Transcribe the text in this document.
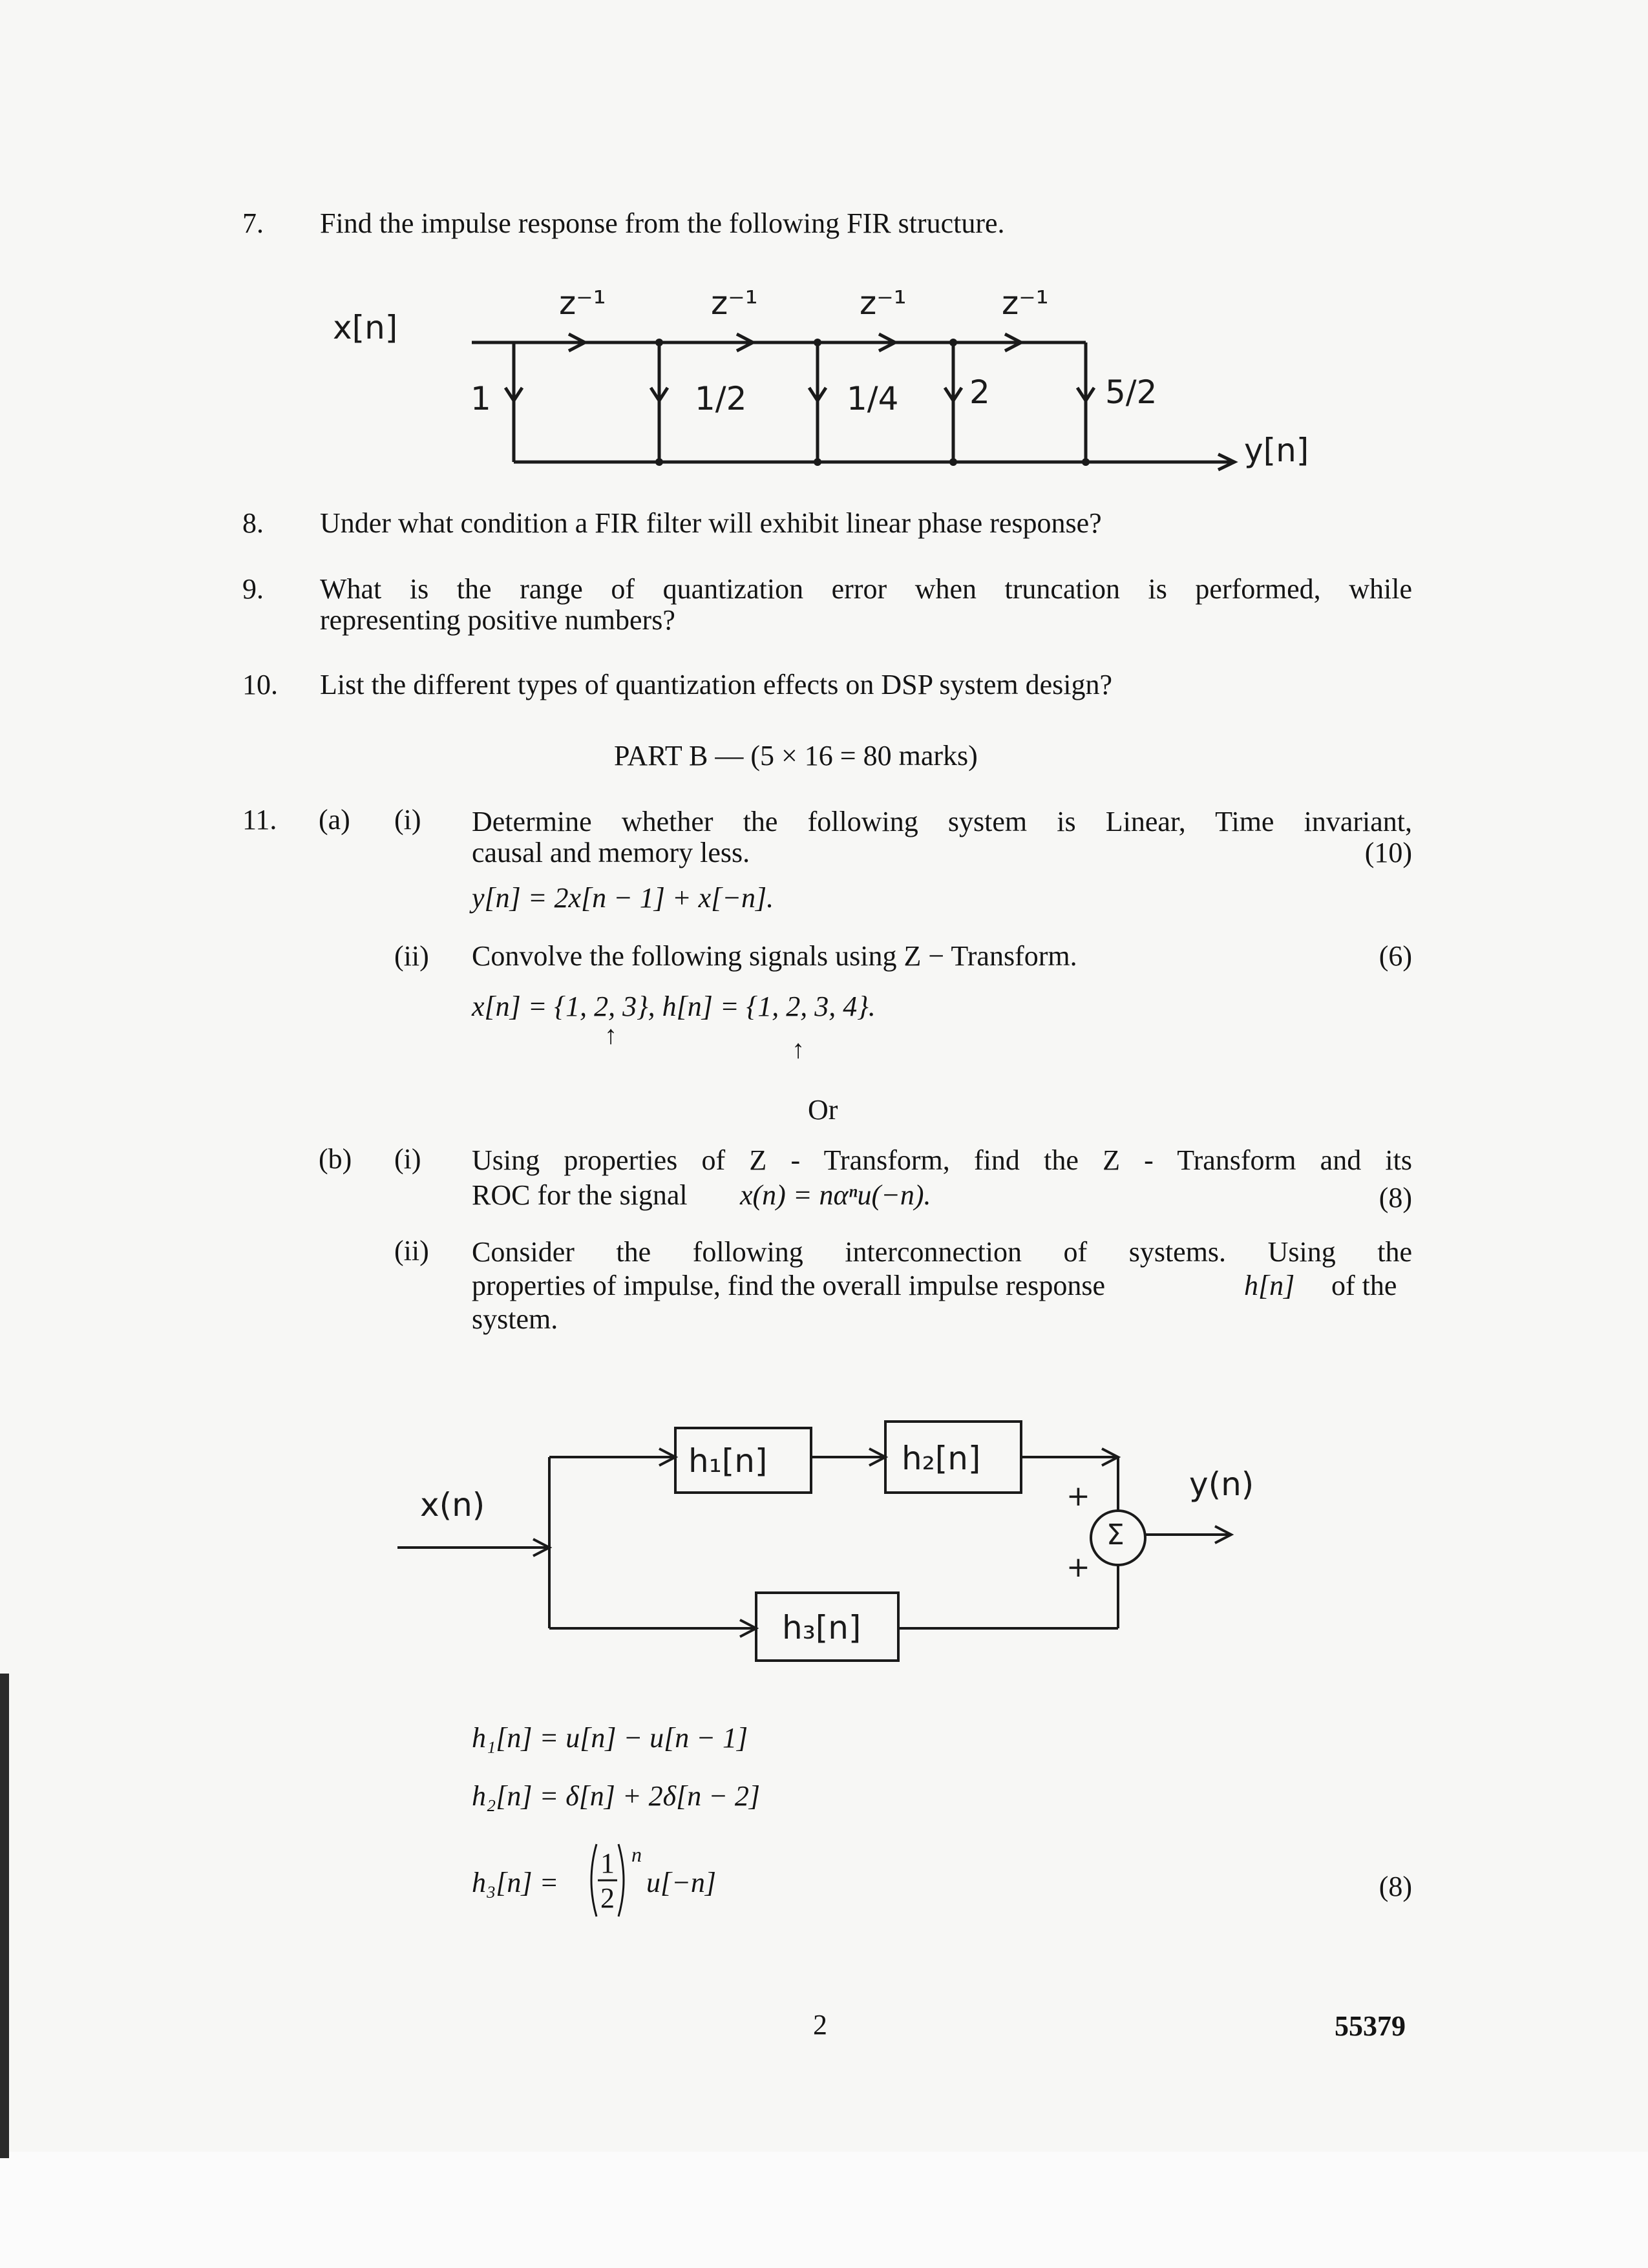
7. Find the impulse response from the following FIR structure.
x[n]
y[n]
z⁻¹	z⁻¹	z⁻¹	z⁻¹
1	1/2	1/4 2	5/2
8. Under what condition a FIR filter will exhibit linear phase response?
9. What is the range of quantization error when truncation is performed, while
representing positive numbers?
10. List the different types of quantization effects on DSP system design?
PART B — (5 × 16 = 80 marks)
11. (a) (i) Determine whether the following system is Linear, Time invariant,
causal and memory less.	(10)
y[n] = 2x[n − 1] + x[−n].
(ii) Convolve the following signals using Z − Transform.	(6)
x[n] = {1, 2, 3}, h[n] = {1, 2, 3, 4}.
↑	↑
Or
(b) (i) Using properties of Z - Transform, find the Z - Transform and its
ROC for the signal x(n) = nαⁿu(−n).	(8)
(ii) Consider the following interconnection of systems. Using the
properties of impulse, find the overall impulse response	h[n] of the
system.
x(n)
y(n)
h₁[n]	h₂[n]
h₃[n]
Σ
+
+
h₁[n] = u[n] − u[n − 1]
h₂[n] = δ[n] + 2δ[n − 2]
h₃[n] =
1
2
n
u[−n]	(8)
2	55379
